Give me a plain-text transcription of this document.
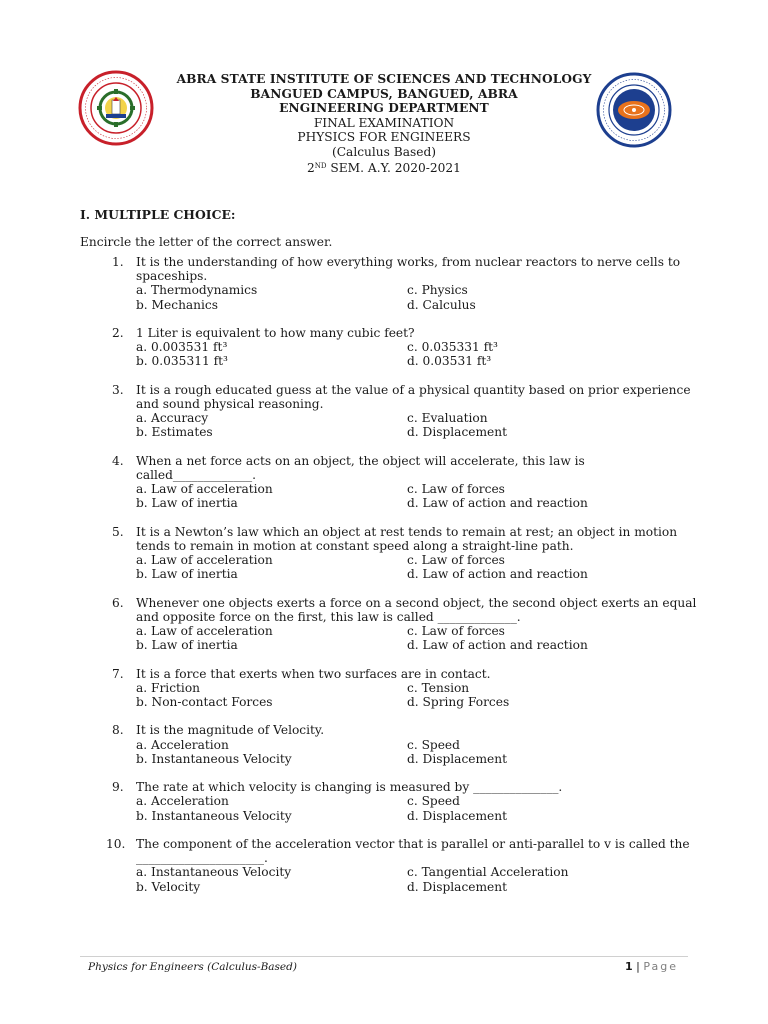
ABRA STATE INSTITUTE OF SCIENCES AND TECHNOLOGY
BANGUED CAMPUS, BANGUED, ABRA
ENGINEERING DEPARTMENT
FINAL EXAMINATION
PHYSICS FOR ENGINEERS
(Calculus Based)
2ND SEM. A.Y. 2020-2021
I. MULTIPLE CHOICE:
Encircle the letter of the correct answer.
1.	It is the understanding of how everything works, from nuclear reactors to nerve cells to spaceships.
a. Thermodynamics
b. Mechanics
c. Physics
d. Calculus
2.	1 Liter is equivalent to how many cubic feet?
a. 0.003531 ft³
b. 0.035311 ft³
c. 0.035331 ft³
d. 0.03531 ft³
3.	It is a rough educated guess at the value of a physical quantity based on prior experience and sound physical reasoning.
a. Accuracy
b. Estimates
c. Evaluation
d. Displacement
4.	When a net force acts on an object, the object will accelerate, this law is called_____________.
a. Law of acceleration
b. Law of inertia
c. Law of forces
d. Law of action and reaction
5.	It is a Newton’s law which an object at rest tends to remain at rest; an object in motion tends to remain in motion at constant speed along a straight-line path.
a. Law of acceleration
b. Law of inertia
c. Law of forces
d. Law of action and reaction
6.	Whenever one objects exerts a force on a second object, the second object exerts an equal and opposite force on the first, this law is called _____________.
a. Law of acceleration
b. Law of inertia
c. Law of forces
d. Law of action and reaction
7.	It is a force that exerts when two surfaces are in contact.
a. Friction
b. Non-contact Forces
c. Tension
d. Spring Forces
8.	It is the magnitude of Velocity.
a. Acceleration
b. Instantaneous Velocity
c. Speed
d. Displacement
9.	The rate at which velocity is changing is measured by ______________.
a. Acceleration
b. Instantaneous Velocity
c. Speed
d. Displacement
10. The component of the acceleration vector that is parallel or anti-parallel to v is called the _____________________.
a. Instantaneous Velocity
b. Velocity
c. Tangential Acceleration
d. Displacement
Physics for Engineers (Calculus-Based)	1 | Page
